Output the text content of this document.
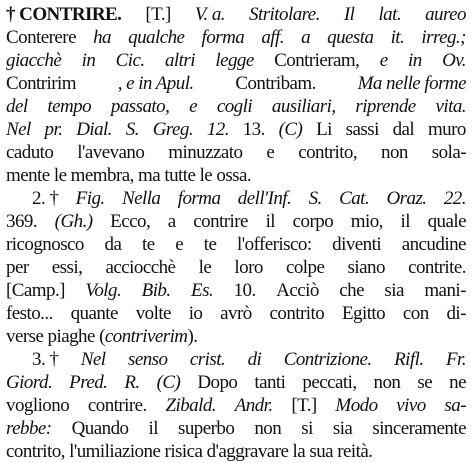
† CONTRIRE. [T.] V. a. Stritolare. Il lat. aureo
Conterere ha qualche forma aff. a questa it. irreg.;
giacchè in Cic. altri legge Contrieram, e in Ov.
Contririm , e in Apul. Contribam. Ma nelle forme
del tempo passato, e cogli ausiliari, riprende vita.
Nel pr. Dial. S. Greg. 12. 13. (C) Li sassi dal muro
caduto l'avevano minuzzato e contrito, non sola-
mente le membra, ma tutte le ossa.
2. † Fig. Nella forma dell'Inf. S. Cat. Oraz. 22.
369. (Gh.) Ecco, a contrire il corpo mio, il quale
ricognosco da te e te l'offerisco: diventi ancudine
per essi, acciocchè le loro colpe siano contrite.
[Camp.] Volg. Bib. Es. 10. Acciò che sia mani-
festo... quante volte io avrò contrito Egitto con di-
verse piaghe ( contriverim ).
3. † Nel senso crist. di Contrizione. Rifl. Fr.
Giord. Pred. R. (C) Dopo tanti peccati, non se ne
vogliono contrire. Zibald. Andr. [T.] Modo vivo sa-
rebbe: Quando il superbo non si sia sinceramente
contrito, l'umiliazione risica d'aggravare la sua reità.
